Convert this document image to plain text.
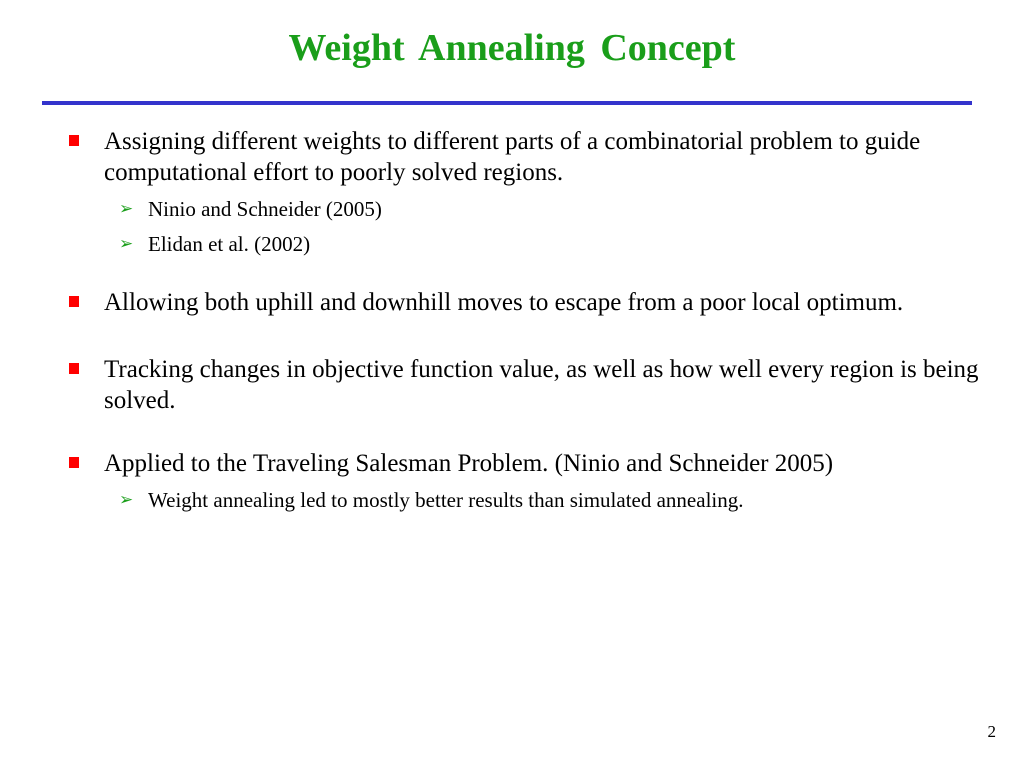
Weight Annealing Concept
Assigning different weights to different parts of a combinatorial problem to guide computational effort to poorly solved regions.
➢ Ninio and Schneider (2005)
➢ Elidan et al. (2002)
Allowing both uphill and downhill moves to escape from a poor local optimum.
Tracking changes in objective function value, as well as how well every region is being solved.
Applied to the Traveling Salesman Problem. (Ninio and Schneider 2005)
➢ Weight annealing led to mostly better results than simulated annealing.
2
